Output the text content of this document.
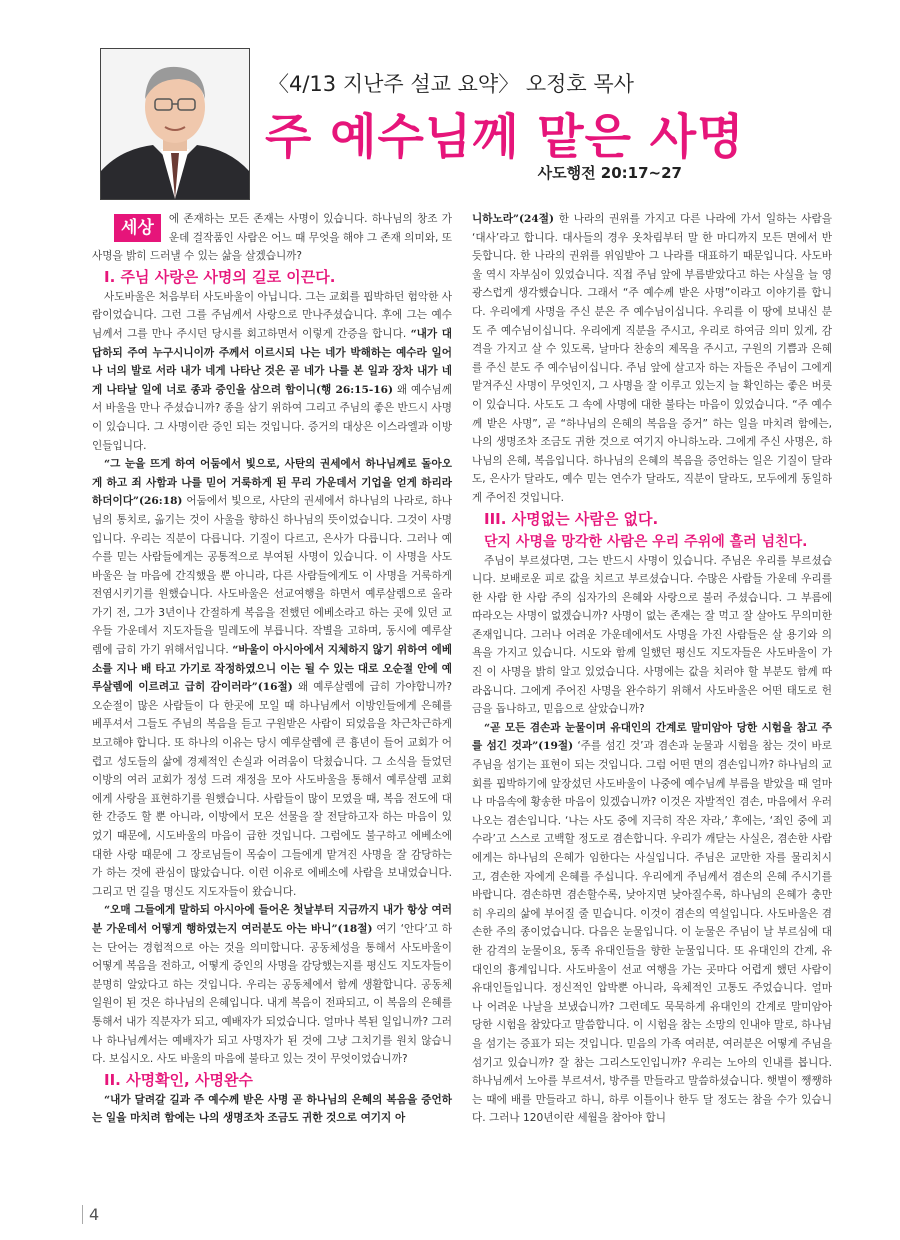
〈4/13 지난주 설교 요약〉 오정호 목사
주 예수님께 맡은 사명
사도행전 20:17~27
세상	에 존재하는 모든 존재는 사명이 있습니다. 하나님의 창조 가운데 걸작품인 사람은 어느 때 무엇을 해야 그 존재 의미와, 또 사명을 밝히 드러낼 수 있는 삶을 살겠습니까?

I. 주님 사랑은 사명의 길로 이끈다.

사도바울은 처음부터 사도바울이 아닙니다. 그는 교회를 핍박하던 험악한 사람이었습니다. 그런 그를 주님께서 사랑으로 만나주셨습니다. 후에 그는 예수님께서 그를 만나 주시던 당시를 회고하면서 이렇게 간증을 합니다. “내가 대답하되 주여 누구시니이까 주께서 이르시되 나는 네가 박해하는 예수라 일어나 너의 발로 서라 내가 네게 나타난 것은 곧 네가 나를 본 일과 장차 내가 네게 나타날 일에 너로 종과 증인을 삼으려 함이니(행 26:15-16) 왜 예수님께서 바울을 만나 주셨습니까? 종을 삼기 위하여 그리고 주님의 좋은 반드시 사명이 있습니다. 그 사명이란 증인 되는 것입니다. 증거의 대상은 이스라엘과 이방인들입니다.

“그 눈을 뜨게 하여 어둠에서 빛으로, 사탄의 권세에서 하나님께로 돌아오게 하고 죄 사함과 나를 믿어 거룩하게 된 무리 가운데서 기업을 얻게 하리라 하더이다”(26:18) 어둠에서 빛으로, 사단의 권세에서 하나님의 나라로, 하나님의 통치로, 옮기는 것이 사울을 향하신 하나님의 뜻이었습니다. 그것이 사명입니다. 우리는 직분이 다릅니다. 기질이 다르고, 은사가 다릅니다. 그러나 예수를 믿는 사람들에게는 공통적으로 부여된 사명이 있습니다. 이 사명을 사도바울은 늘 마음에 간직했을 뿐 아니라, 다른 사람들에게도 이 사명을 거룩하게 전염시키기를 원했습니다. 사도바울은 선교여행을 하면서 예루살렘으로 올라가기 전, 그가 3년이나 간절하게 복음을 전했던 에베소라고 하는 곳에 있던 교우들 가운데서 지도자들을 밀레도에 부릅니다. 작별을 고하며, 동시에 예루살렘에 급히 가기 위해서입니다. “바울이 아시아에서 지체하지 않기 위하여 에베소를 지나 배 타고 가기로 작정하였으니 이는 될 수 있는 대로 오순절 안에 예루살렘에 이르려고 급히 감이러라”(16절) 왜 예루살렘에 급히 가야합니까? 오순절이 많은 사람들이 다 한곳에 모일 때 하나님께서 이방인들에게 은혜를 베푸셔서 그들도 주님의 복음을 듣고 구원받은 사람이 되었음을 차근차근하게 보고해야 합니다. 또 하나의 이유는 당시 예루살렘에 큰 흉년이 들어 교회가 어렵고 성도들의 삶에 경제적인 손실과 어려움이 닥쳤습니다. 그 소식을 들었던 이방의 여러 교회가 정성 드려 재정을 모아 사도바울을 통해서 예루살렘 교회에게 사랑을 표현하기를 원했습니다. 사람들이 많이 모였을 때, 복음 전도에 대한 간증도 할 뿐 아니라, 이방에서 모은 선물을 잘 전달하고자 하는 마음이 있었기 때문에, 시도바울의 마음이 급한 것입니다. 그럼에도 불구하고 에베소에 대한 사랑 때문에 그 장로님들이 목숨이 그들에게 맡겨진 사명을 잘 감당하는가 하는 것에 관심이 많았습니다. 이런 이유로 에베소에 사람을 보내었습니다. 그리고 먼 길을 명신도 지도자들이 왔습니다.

“오매 그들에게 말하되 아시아에 들어온 첫날부터 지금까지 내가 항상 여러분 가운데서 어떻게 행하였는지 여러분도 아는 바니”(18절) 여기 ‘안다’고 하는 단어는 경험적으로 아는 것을 의미합니다. 공동체성을 통해서 사도바울이 어떻게 복음을 전하고, 어떻게 증인의 사명을 감당했는지를 평신도 지도자들이 분명히 알았다고 하는 것입니다. 우리는 공동체에서 함께 생활합니다. 공동체 일원이 된 것은 하나님의 은혜입니다. 내게 복음이 전파되고, 이 복음의 은혜를 통해서 내가 직분자가 되고, 예배자가 되었습니다. 얼마나 복된 일입니까? 그러나 하나님께서는 예배자가 되고 사명자가 된 것에 그냥 그치기를 원치 않습니다. 보십시오. 사도 바울의 마음에 불타고 있는 것이 무엇이었습니까?

II. 사명확인, 사명완수

“내가 달려갈 길과 주 예수께 받은 사명 곧 하나님의 은혜의 복음을 증언하는 일을 마치려 함에는 나의 생명조차 조금도 귀한 것으로 여기지 아

니하노라”(24절) 한 나라의 권위를 가지고 다른 나라에 가서 일하는 사람을 ‘대사’라고 합니다. 대사들의 경우 옷차림부터 말 한 마디까지 모든 면에서 반듯합니다. 한 나라의 권위를 위임받아 그 나라를 대표하기 때문입니다. 사도바울 역시 자부심이 있었습니다. 직접 주님 앞에 부름받았다고 하는 사실을 늘 영광스럽게 생각했습니다. 그래서 “주 예수께 받은 사명”이라고 이야기를 합니다. 우리에게 사명을 주신 분은 주 예수님이십니다. 우리를 이 땅에 보내신 분도 주 예수님이십니다. 우리에게 직분을 주시고, 우리로 하여금 의미 있게, 감격을 가지고 살 수 있도록, 날마다 찬송의 제목을 주시고, 구원의 기쁨과 은혜를 주신 분도 주 예수님이십니다. 주님 앞에 살고자 하는 자들은 주님이 그에게 맡겨주신 사명이 무엇인지, 그 사명을 잘 이루고 있는지 늘 확인하는 좋은 버릇이 있습니다. 사도도 그 속에 사명에 대한 불타는 마음이 있었습니다. “주 예수께 받은 사명”, 곧 “하나님의 은혜의 복음을 증거” 하는 일을 마치려 함에는, 나의 생명조차 조금도 귀한 것으로 여기지 아니하노라. 그에게 주신 사명은, 하나님의 은혜, 복음입니다. 하나님의 은혜의 복음을 증언하는 일은 기질이 달라도, 은사가 달라도, 예수 믿는 연수가 달라도, 직분이 달라도, 모두에게 동일하게 주어진 것입니다.

III. 사명없는 사람은 없다.

단지 사명을 망각한 사람은 우리 주위에 흘러 넘친다.

주님이 부르셨다면, 그는 반드시 사명이 있습니다. 주님은 우리를 부르셨습니다. 보배로운 피로 값을 치르고 부르셨습니다. 수많은 사람들 가운데 우리를 한 사람 한 사람 주의 십자가의 은혜와 사랑으로 불러 주셨습니다. 그 부름에 따라오는 사명이 없겠습니까? 사명이 없는 존재는 잘 먹고 잘 살아도 무의미한 존재입니다. 그러나 어려운 가운데에서도 사명을 가진 사람들은 살 용기와 의욕을 가지고 있습니다. 시도와 함께 일했던 평신도 지도자들은 사도바울이 가진 이 사명을 밝히 알고 있었습니다. 사명에는 값을 치러야 할 부분도 함께 따라옵니다. 그에게 주어진 사명을 완수하기 위해서 사도바울은 어떤 태도로 헌금을 돕나하고, 믿음으로 살았습니까?

“곧 모든 겸손과 눈물이며 유대인의 간계로 말미암아 당한 시험을 참고 주를 섬긴 것과”(19절) ‘주를 섬긴 것’과 겸손과 눈물과 시험을 참는 것이 바로 주님을 섬기는 표현이 되는 것입니다. 그럼 어떤 면의 겸손입니까? 하나님의 교회를 핍박하기에 앞장섰던 사도바울이 나중에 예수님께 부름을 받았을 때 얼마나 마음속에 황송한 마음이 있겠습니까? 이것은 자발적인 겸손, 마음에서 우러나오는 겸손입니다. ‘나는 사도 중에 지극히 작은 자라,’ 후에는, ‘죄인 중에 괴수라’고 스스로 고백할 정도로 겸손합니다. 우리가 깨닫는 사실은, 겸손한 사람에게는 하나님의 은혜가 임한다는 사실입니다. 주님은 교만한 자를 물리치시고, 겸손한 자에게 은혜를 주십니다. 우리에게 주님께서 겸손의 은혜 주시기를 바랍니다. 겸손하면 겸손할수록, 낮아지면 낮아질수록, 하나님의 은혜가 충만히 우리의 삶에 부어질 줄 믿습니다. 이것이 겸손의 역설입니다. 사도바울은 겸손한 주의 종이었습니다. 다음은 눈물입니다. 이 눈물은 주님이 날 부르심에 대한 감격의 눈물이요, 동족 유대인들을 향한 눈물입니다. 또 유대인의 간계, 유대인의 흉계입니다. 사도바울이 선교 여행을 가는 곳마다 어렵게 했던 사람이 유대인들입니다. 정신적인 압박뿐 아니라, 육체적인 고통도 주었습니다. 얼마나 어려운 나날을 보냈습니까? 그런데도 묵묵하게 유대인의 간계로 말미암아 당한 시험을 참았다고 말씀합니다. 이 시험을 참는 소망의 인내야 말로, 하나님을 섬기는 증표가 되는 것입니다. 믿음의 가족 여러분, 여러분은 어떻게 주님을 섬기고 있습니까? 잘 참는 그리스도인입니까? 우리는 노아의 인내를 봅니다. 하나님께서 노아를 부르셔서, 방주를 만들라고 말씀하셨습니다. 햇볕이 쨍쨍하는 때에 배를 만들라고 하니, 하루 이틀이나 한두 달 정도는 참을 수가 있습니다. 그러나 120년이란 세월을 참아야 합니

4
